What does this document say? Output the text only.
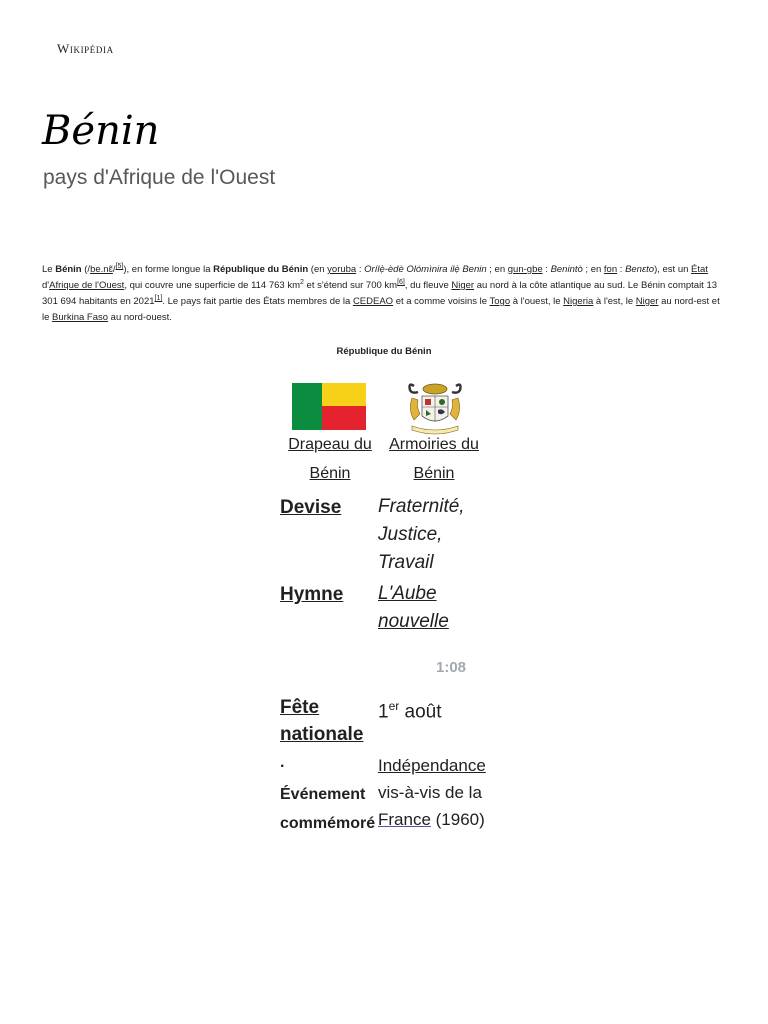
Wikipédia
Bénin
pays d'Afrique de l'Ouest

Le Bénin (/be.nɛ̃/[5]), en forme longue la République du Bénin (en yoruba : Orílẹ̀-èdè Olómìnira ilẹ̀ Benin ; en gun-gbe : Benintò ; en fon : Benɛto), est un État d'Afrique de l'Ouest, qui couvre une superficie de 114 763 $km^2$ et s'étend sur 700 km[6], du fleuve Niger au nord à la côte atlantique au sud. Le Bénin comptait 13 301 694 habitants en 2021[1]. Le pays fait partie des États membres de la CEDEAO et a comme voisins le Togo à l'ouest, le Nigeria à l'est, le Niger au nord-est et le Burkina Faso au nord-ouest.

République du Bénin
Drapeau du Bénin
Armoiries du Bénin
Devise Fraternité, Justice, Travail
Hymne L'Aube nouvelle
1:08
Fête
nationale
1er août
·
Événement
commémoré
Indépendance
vis-à-vis de la
France (1960)
